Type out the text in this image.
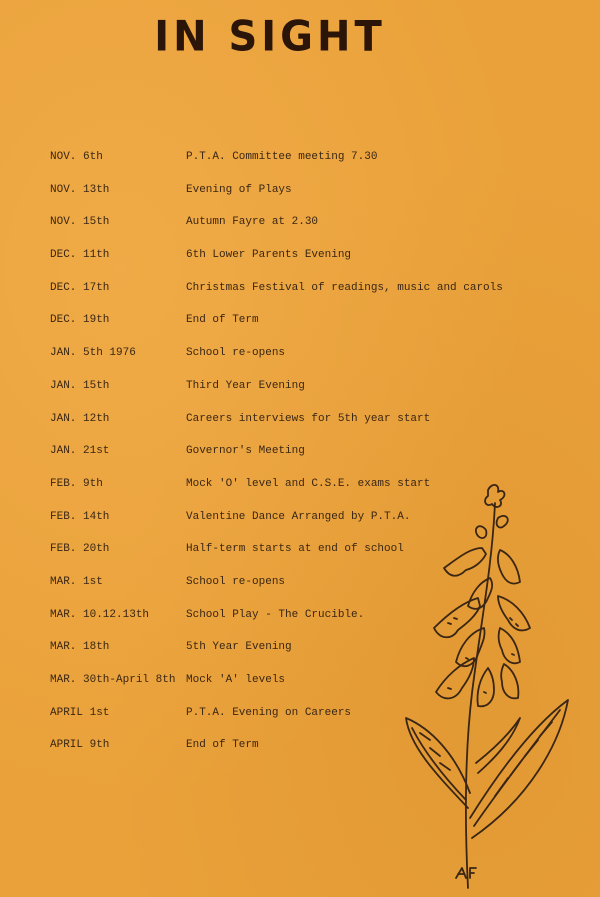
IN SIGHT
NOV. 6th	P.T.A. Committee meeting 7.30
NOV. 13th	Evening of Plays
NOV. 15th	Autumn Fayre at 2.30
DEC. 11th	6th Lower Parents Evening
DEC. 17th	Christmas Festival of readings, music and carols
DEC. 19th	End of Term
JAN. 5th 1976	School re-opens
JAN. 15th	Third Year Evening
JAN. 12th	Careers interviews for 5th year start
JAN. 21st	Governor's Meeting
FEB. 9th	Mock 'O' level and C.S.E. exams start
FEB. 14th	Valentine Dance Arranged by P.T.A.
FEB. 20th	Half-term starts at end of school
MAR. 1st	School re-opens
MAR. 10.12.13th	School Play - The Crucible.
MAR. 18th	5th Year Evening
MAR. 30th-April 8th Mock 'A' levels
APRIL 1st	P.T.A. Evening on Careers
APRIL 9th	End of Term
